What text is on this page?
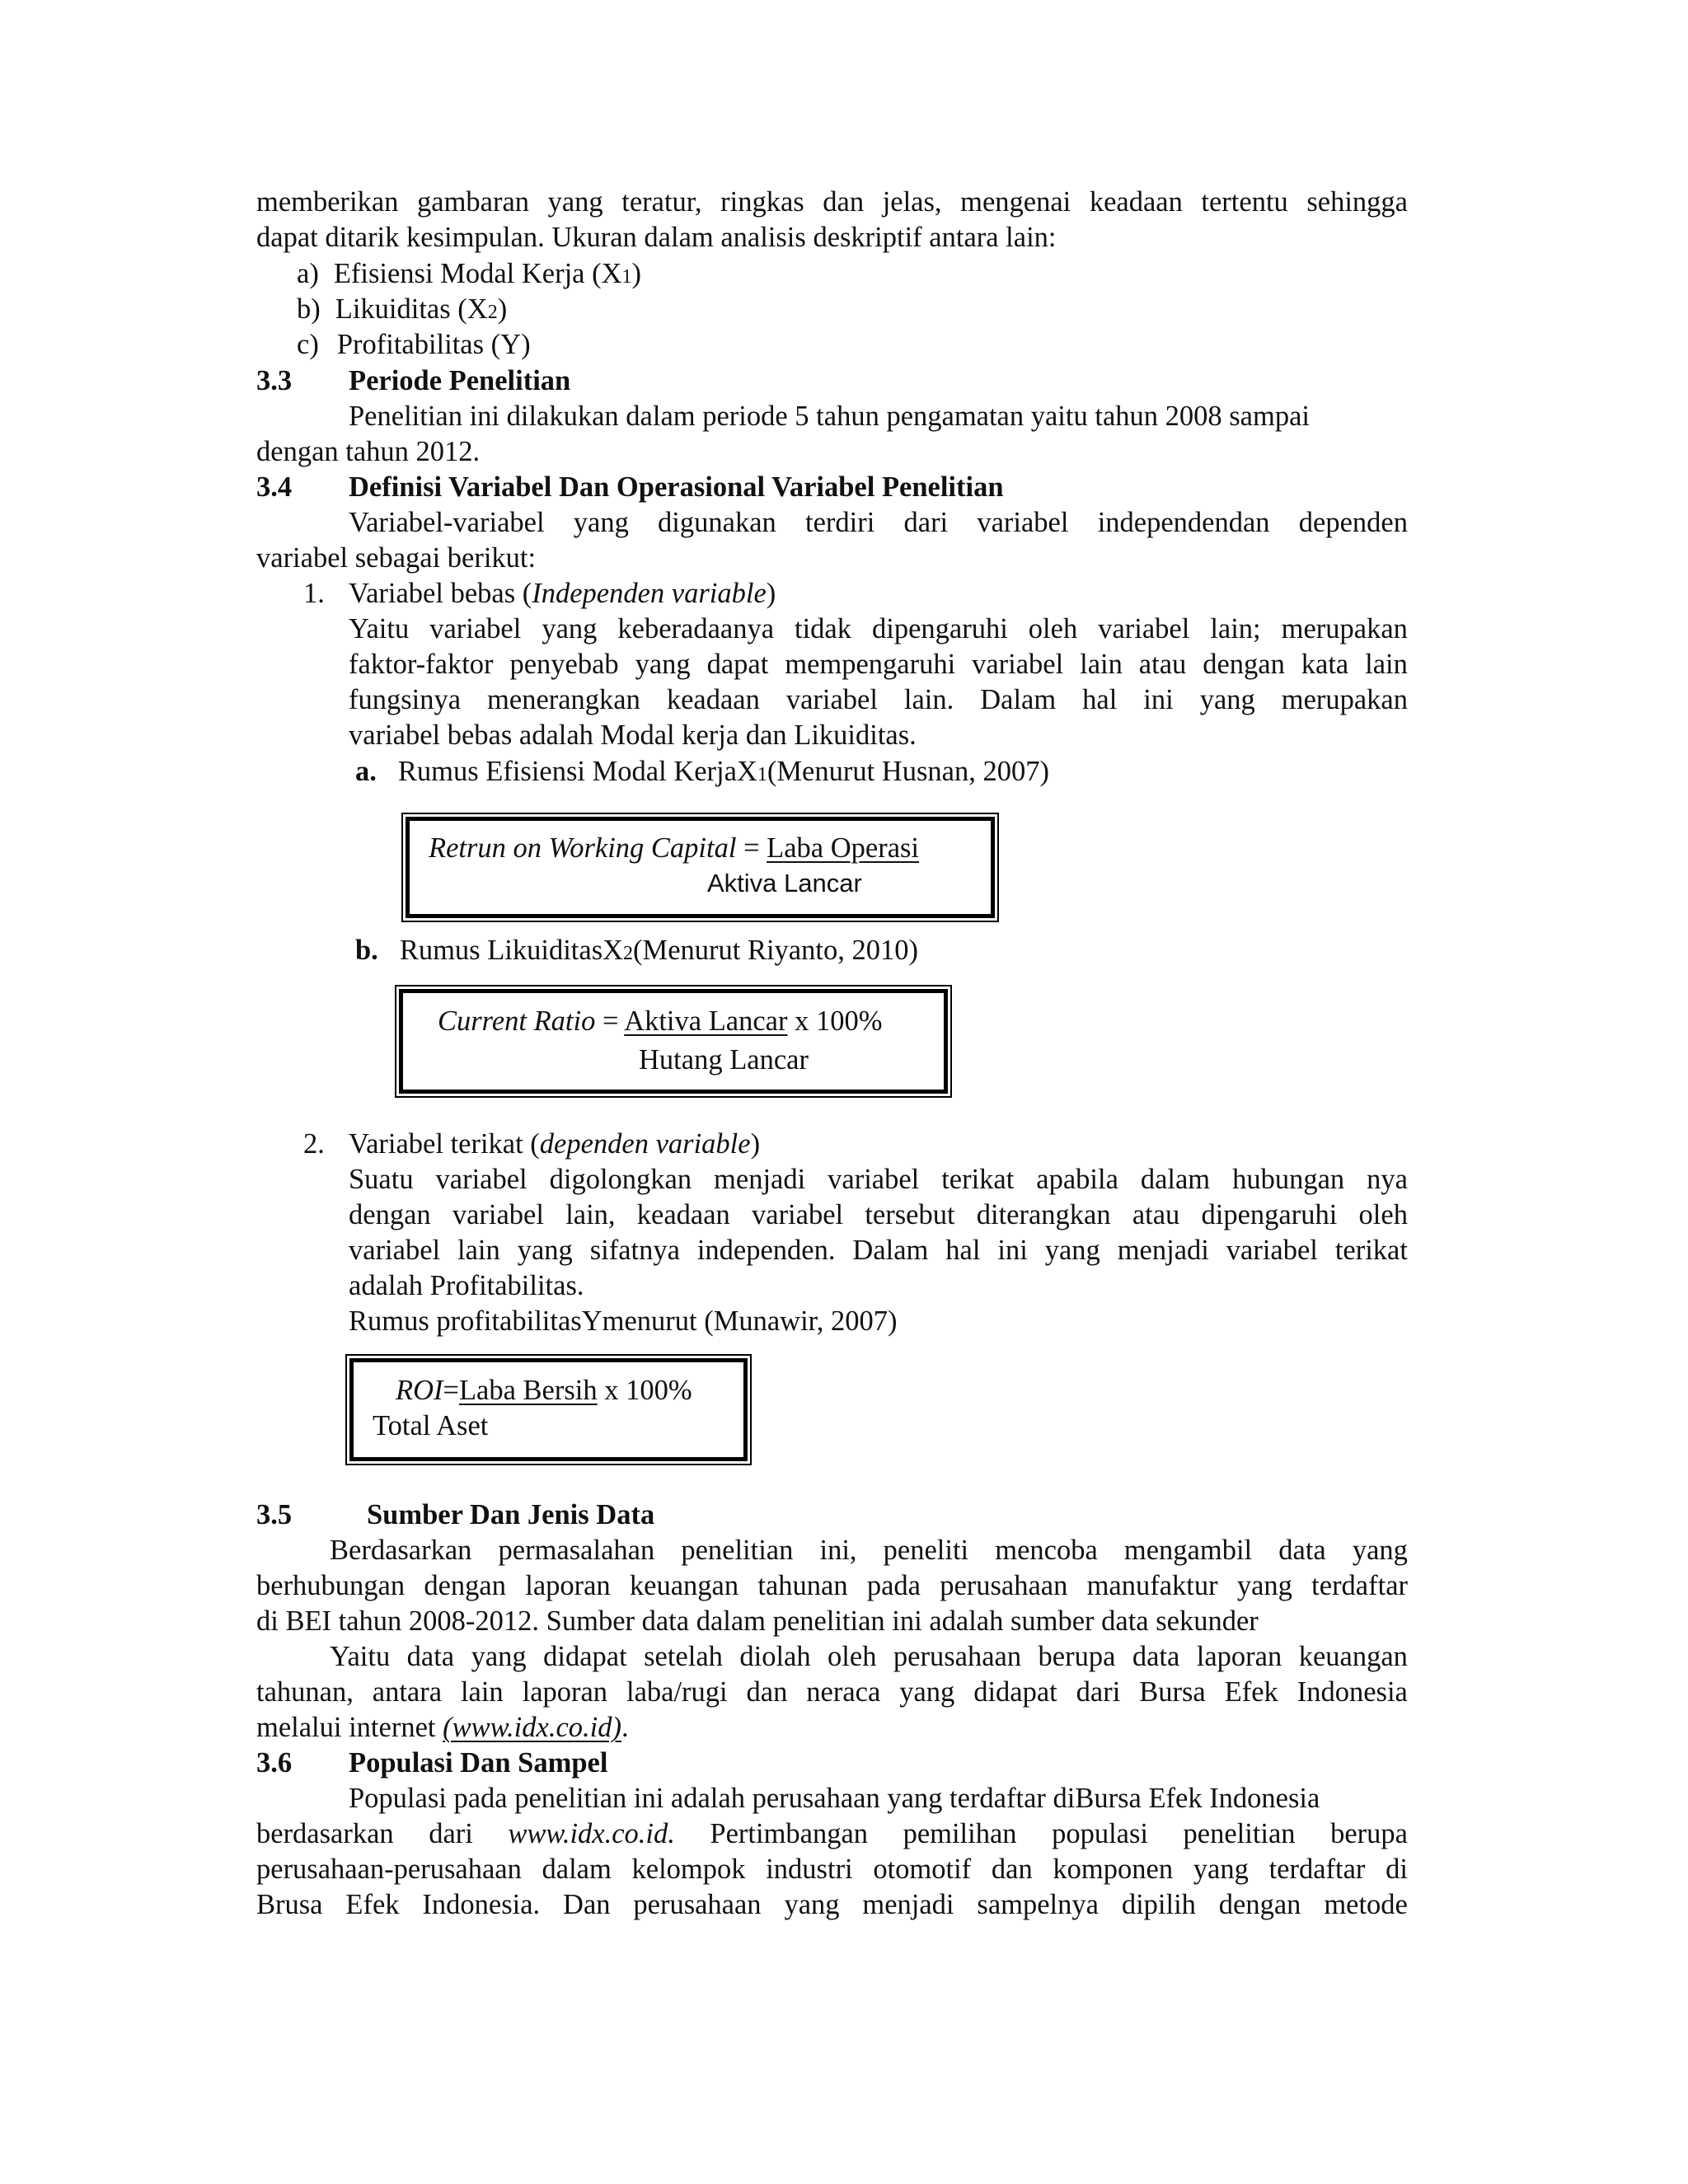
memberikan gambaran yang teratur, ringkas dan jelas, mengenai keadaan tertentu sehingga
dapat ditarik kesimpulan. Ukuran dalam analisis deskriptif antara lain:
a) Efisiensi Modal Kerja (X1)
b) Likuiditas (X2)
c) Profitabilitas (Y)
3.3 Periode Penelitian
Penelitian ini dilakukan dalam periode 5 tahun pengamatan yaitu tahun 2008 sampai
dengan tahun 2012.
3.4 Definisi Variabel Dan Operasional Variabel Penelitian
Variabel-variabel yang digunakan terdiri dari variabel independendan dependen
variabel sebagai berikut:
1. Variabel bebas (Independen variable)
Yaitu variabel yang keberadaanya tidak dipengaruhi oleh variabel lain; merupakan
faktor-faktor penyebab yang dapat mempengaruhi variabel lain atau dengan kata lain
fungsinya menerangkan keadaan variabel lain. Dalam hal ini yang merupakan
variabel bebas adalah Modal kerja dan Likuiditas.
a. Rumus Efisiensi Modal KerjaX1(Menurut Husnan, 2007)
Retrun on Working Capital = Laba Operasi
Aktiva Lancar
b. Rumus LikuiditasX2(Menurut Riyanto, 2010)
Current Ratio = Aktiva Lancar x 100%
Hutang Lancar
2. Variabel terikat (dependen variable)
Suatu variabel digolongkan menjadi variabel terikat apabila dalam hubungan nya
dengan variabel lain, keadaan variabel tersebut diterangkan atau dipengaruhi oleh
variabel lain yang sifatnya independen. Dalam hal ini yang menjadi variabel terikat
adalah Profitabilitas.
Rumus profitabilitasYmenurut (Munawir, 2007)
ROI=Laba Bersih x 100%
Total Aset
3.5	Sumber Dan Jenis Data
Berdasarkan permasalahan penelitian ini, peneliti mencoba mengambil data yang
berhubungan dengan laporan keuangan tahunan pada perusahaan manufaktur yang terdaftar
di BEI tahun 2008-2012. Sumber data dalam penelitian ini adalah sumber data sekunder
Yaitu data yang didapat setelah diolah oleh perusahaan berupa data laporan keuangan
tahunan, antara lain laporan laba/rugi dan neraca yang didapat dari Bursa Efek Indonesia
melalui internet (www.idx.co.id).
3.6 Populasi Dan Sampel
Populasi pada penelitian ini adalah perusahaan yang terdaftar diBursa Efek Indonesia
berdasarkan dari www.idx.co.id. Pertimbangan pemilihan populasi penelitian berupa
perusahaan-perusahaan dalam kelompok industri otomotif dan komponen yang terdaftar di
Brusa Efek Indonesia. Dan perusahaan yang menjadi sampelnya dipilih dengan metode
